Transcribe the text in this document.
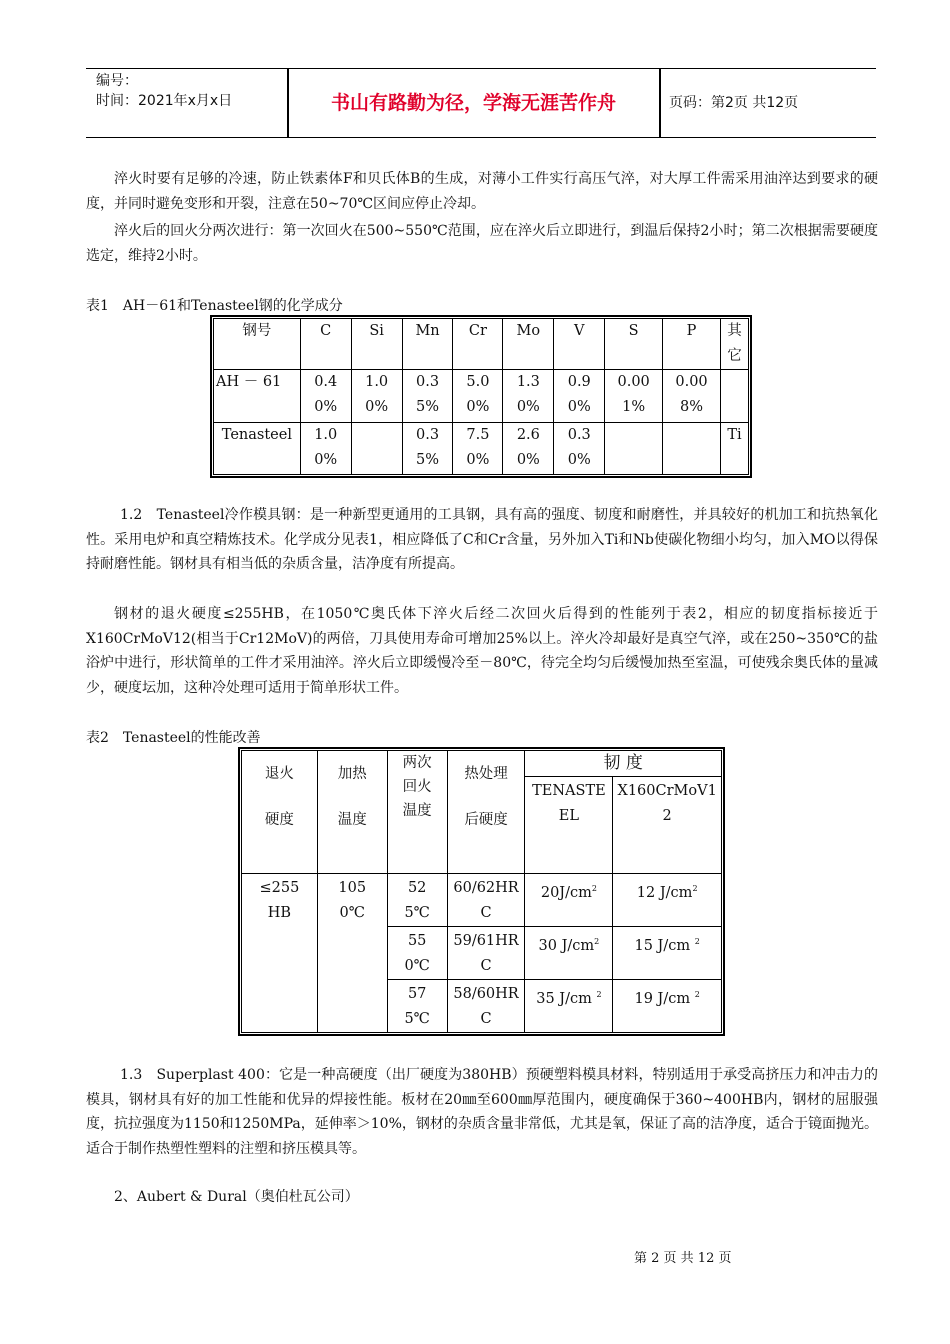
编号：
时间：2021年x月x日	书山有路勤为径，学海无涯苦作舟	页码：第2页 共12页
淬火时要有足够的冷速，防止铁素体F和贝氏体B的生成，对薄小工件实行高压气淬，对大厚工件需采用油淬达到要求的硬度，并同时避免变形和开裂，注意在50~70℃区间应停止冷却。
淬火后的回火分两次进行：第一次回火在500~550℃范围，应在淬火后立即进行，到温后保持2小时；第二次根据需要硬度选定，维持2小时。
表1　AH－61和Tenasteel钢的化学成分
钢号	C	Si	Mn	Cr	Mo	V	S	P	其它
AH － 61	0.40%	1.00%	0.35%	5.00%	1.30%	0.90%	0.001%	0.008%	
Tenasteel	1.00%		0.35%	7.50%	2.60%	0.30%			Ti
1.2　Tenasteel冷作模具钢：是一种新型更通用的工具钢，具有高的强度、韧度和耐磨性，并具较好的机加工和抗热氧化性。采用电炉和真空精炼技术。化学成分见表1，相应降低了C和Cr含量，另外加入Ti和Nb使碳化物细小均匀，加入MO以得保持耐磨性能。钢材具有相当低的杂质含量，洁净度有所提高。
钢材的退火硬度≤255HB，在1050℃奥氏体下淬火后经二次回火后得到的性能列于表2，相应的韧度指标接近于X160CrMoV12(相当于Cr12MoV)的两倍，刀具使用寿命可增加25%以上。淬火冷却最好是真空气淬，或在250~350℃的盐浴炉中进行，形状简单的工件才采用油淬。淬火后立即缓慢冷至－80℃，待完全均匀后缓慢加热至室温，可使残余奥氏体的量减少，硬度坛加，这种冷处理可适用于简单形状工件。
表2　Tenasteel的性能改善
退火硬度	加热温度	两次回火温度	热处理后硬度	韧 度	
				TENASTEEL	X160CrMoV12
≤255HB	1050℃	525℃	60/62HRC	$20J/cm^2$	12 $J/cm^2$
		550℃	59/61HRC	30 $J/cm^2$	15 J/cm $^2$
		575℃	58/60HRC	35 J/cm $^2$	19 J/cm $^2$
1.3　Superplast 400：它是一种高硬度（出厂硬度为380HB）预硬塑料模具材料，特别适用于承受高挤压力和冲击力的模具，钢材具有好的加工性能和优异的焊接性能。板材在20㎜至600㎜厚范围内，硬度确保于360~400HB内，钢材的屈服强度，抗拉强度为1150和1250MPa，延伸率＞10%，钢材的杂质含量非常低，尤其是氧，保证了高的洁净度，适合于镜面抛光。适合于制作热塑性塑料的注塑和挤压模具等。
2、Aubert & Dural（奥伯杜瓦公司）
第 2 页 共 12 页
